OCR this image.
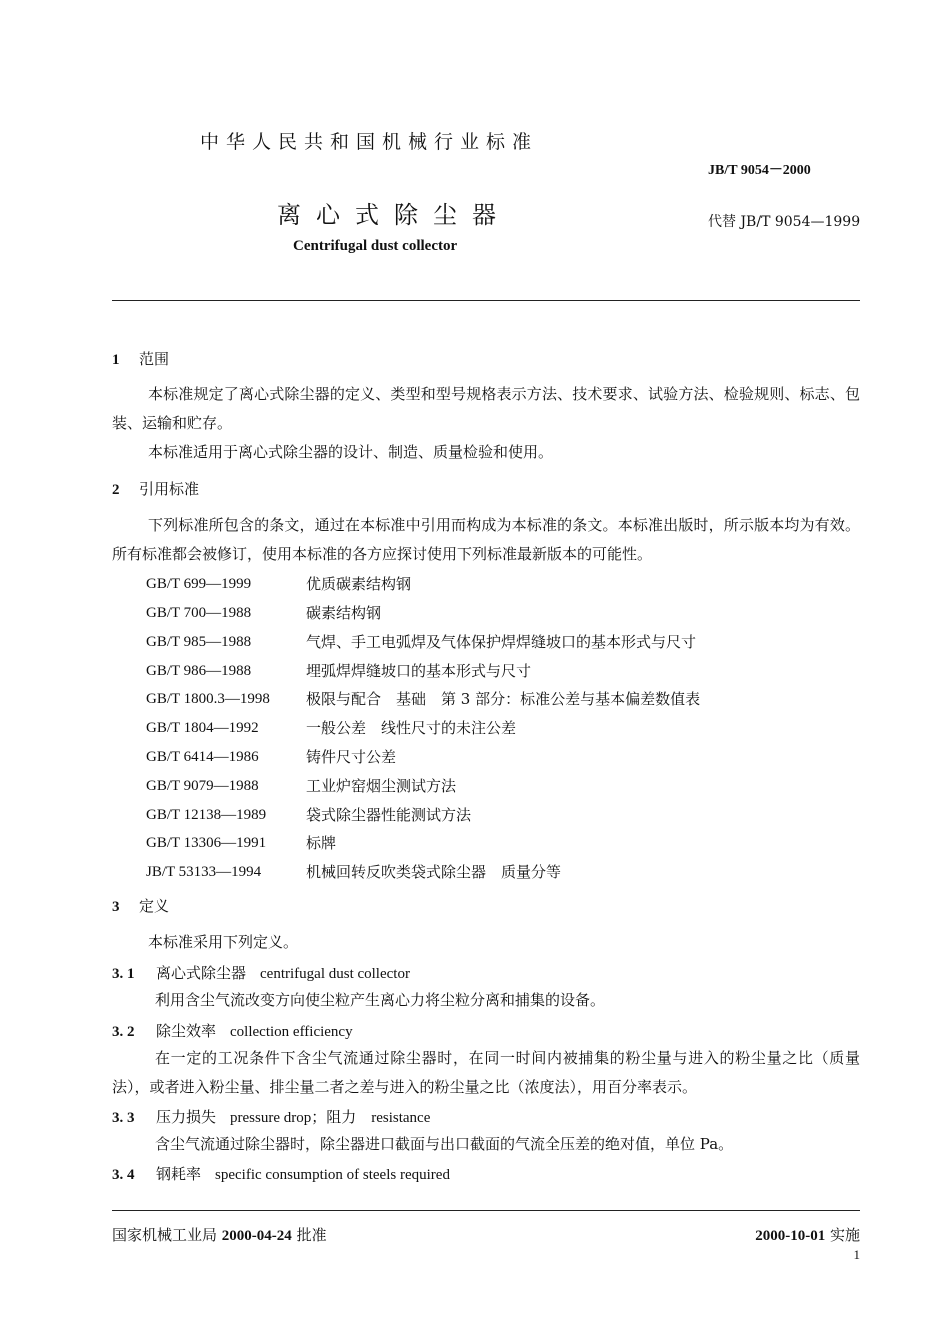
中华人民共和国机械行业标准
JB/T 9054－2000
离心式除尘器	代替 JB/T 9054—1999
Centrifugal dust collector
1 范围
本标准规定了离心式除尘器的定义、类型和型号规格表示方法、技术要求、试验方法、检验规则、标志、包装、运输和贮存。
本标准适用于离心式除尘器的设计、制造、质量检验和使用。
2 引用标准
下列标准所包含的条文，通过在本标准中引用而构成为本标准的条文。本标准出版时，所示版本均为有效。所有标准都会被修订，使用本标准的各方应探讨使用下列标准最新版本的可能性。
GB/T 699—1999	优质碳素结构钢
GB/T 700—1988	碳素结构钢
GB/T 985—1988	气焊、手工电弧焊及气体保护焊焊缝坡口的基本形式与尺寸
GB/T 986—1988	埋弧焊焊缝坡口的基本形式与尺寸
GB/T 1800.3—1998 极限与配合　基础　第 3 部分：标准公差与基本偏差数值表
GB/T 1804—1992	一般公差　线性尺寸的未注公差
GB/T 6414—1986	铸件尺寸公差
GB/T 9079—1988	工业炉窑烟尘测试方法
GB/T 12138—1989	袋式除尘器性能测试方法
GB/T 13306—1991	标牌
JB/T 53133—1994	机械回转反吹类袋式除尘器　质量分等
3 定义
本标准采用下列定义。
3. 1 离心式除尘器 centrifugal dust collector
利用含尘气流改变方向使尘粒产生离心力将尘粒分离和捕集的设备。
3. 2 除尘效率 collection efficiency
在一定的工况条件下含尘气流通过除尘器时，在同一时间内被捕集的粉尘量与进入的粉尘量之比（质量法），或者进入粉尘量、排尘量二者之差与进入的粉尘量之比（浓度法），用百分率表示。
3. 3 压力损失 pressure drop；阻力　resistance
含尘气流通过除尘器时，除尘器进口截面与出口截面的气流全压差的绝对值，单位 Pa。
3. 4 钢耗率 specific consumption of steels required
国家机械工业局 2000-04-24 批准	2000-10-01 实施
1
